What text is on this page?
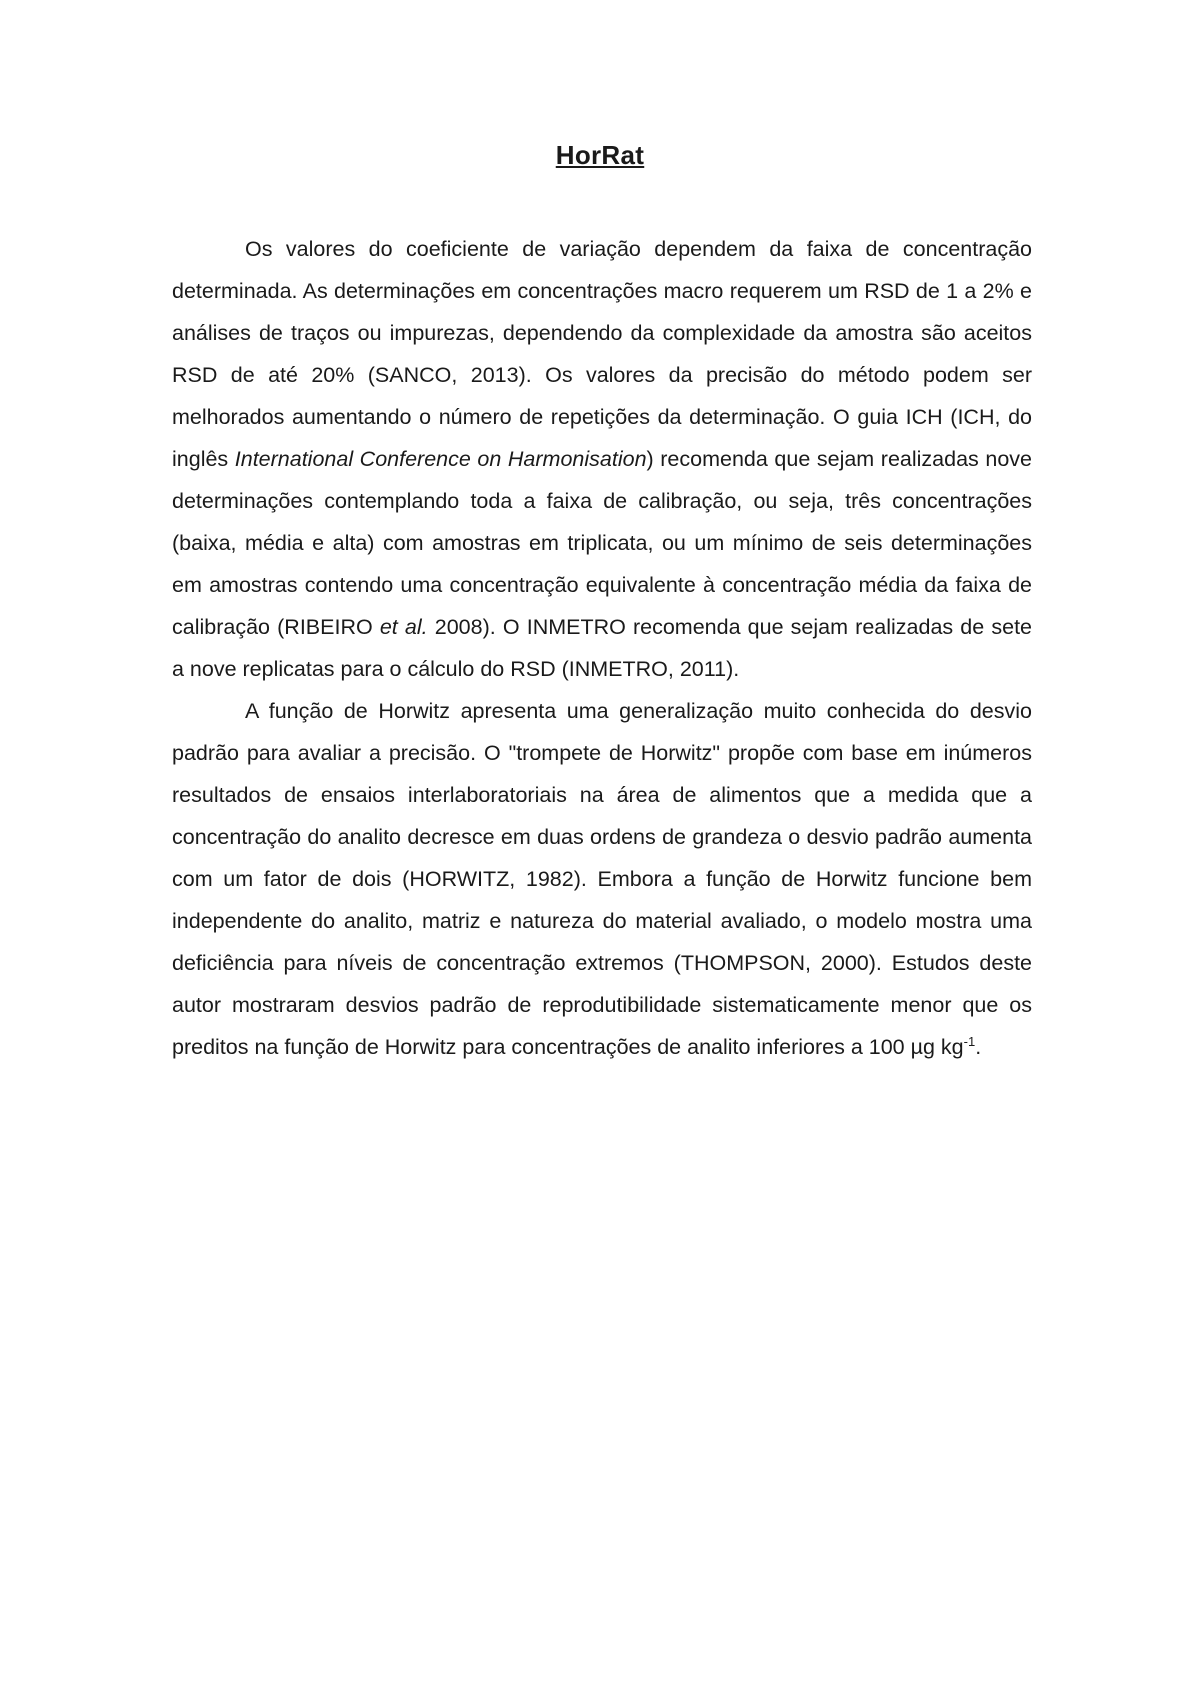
HorRat

Os valores do coeficiente de variação dependem da faixa de concentração determinada. As determinações em concentrações macro requerem um RSD de 1 a 2% e análises de traços ou impurezas, dependendo da complexidade da amostra são aceitos RSD de até 20% (SANCO, 2013). Os valores da precisão do método podem ser melhorados aumentando o número de repetições da determinação. O guia ICH (ICH, do inglês International Conference on Harmonisation) recomenda que sejam realizadas nove determinações contemplando toda a faixa de calibração, ou seja, três concentrações (baixa, média e alta) com amostras em triplicata, ou um mínimo de seis determinações em amostras contendo uma concentração equivalente à concentração média da faixa de calibração (RIBEIRO et al. 2008). O INMETRO recomenda que sejam realizadas de sete a nove replicatas para o cálculo do RSD (INMETRO, 2011).

A função de Horwitz apresenta uma generalização muito conhecida do desvio padrão para avaliar a precisão. O "trompete de Horwitz" propõe com base em inúmeros resultados de ensaios interlaboratoriais na área de alimentos que a medida que a concentração do analito decresce em duas ordens de grandeza o desvio padrão aumenta com um fator de dois (HORWITZ, 1982). Embora a função de Horwitz funcione bem independente do analito, matriz e natureza do material avaliado, o modelo mostra uma deficiência para níveis de concentração extremos (THOMPSON, 2000). Estudos deste autor mostraram desvios padrão de reprodutibilidade sistematicamente menor que os preditos na função de Horwitz para concentrações de analito inferiores a 100 µg $kg^{-1}$.
